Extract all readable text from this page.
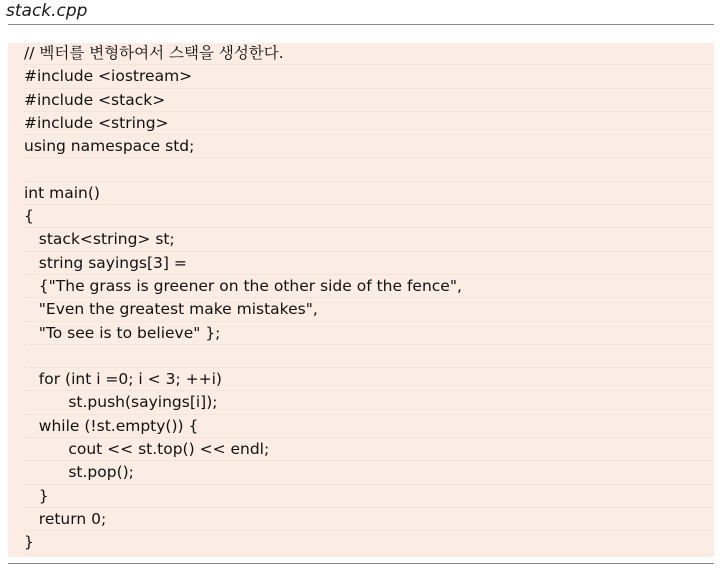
stack.cpp
// 벡터를 변형하여서 스택을 생성한다.
#include <iostream>
#include <stack>
#include <string>
using namespace std;
int main()
{
stack<string> st;
string sayings[3] =
{"The grass is greener on the other side of the fence",
"Even the greatest make mistakes",
"To see is to believe" };
for (int i =0; i < 3; ++i)
st.push(sayings[i]);
while (!st.empty()) {
cout << st.top() << endl;
st.pop();
}
return 0;
}
